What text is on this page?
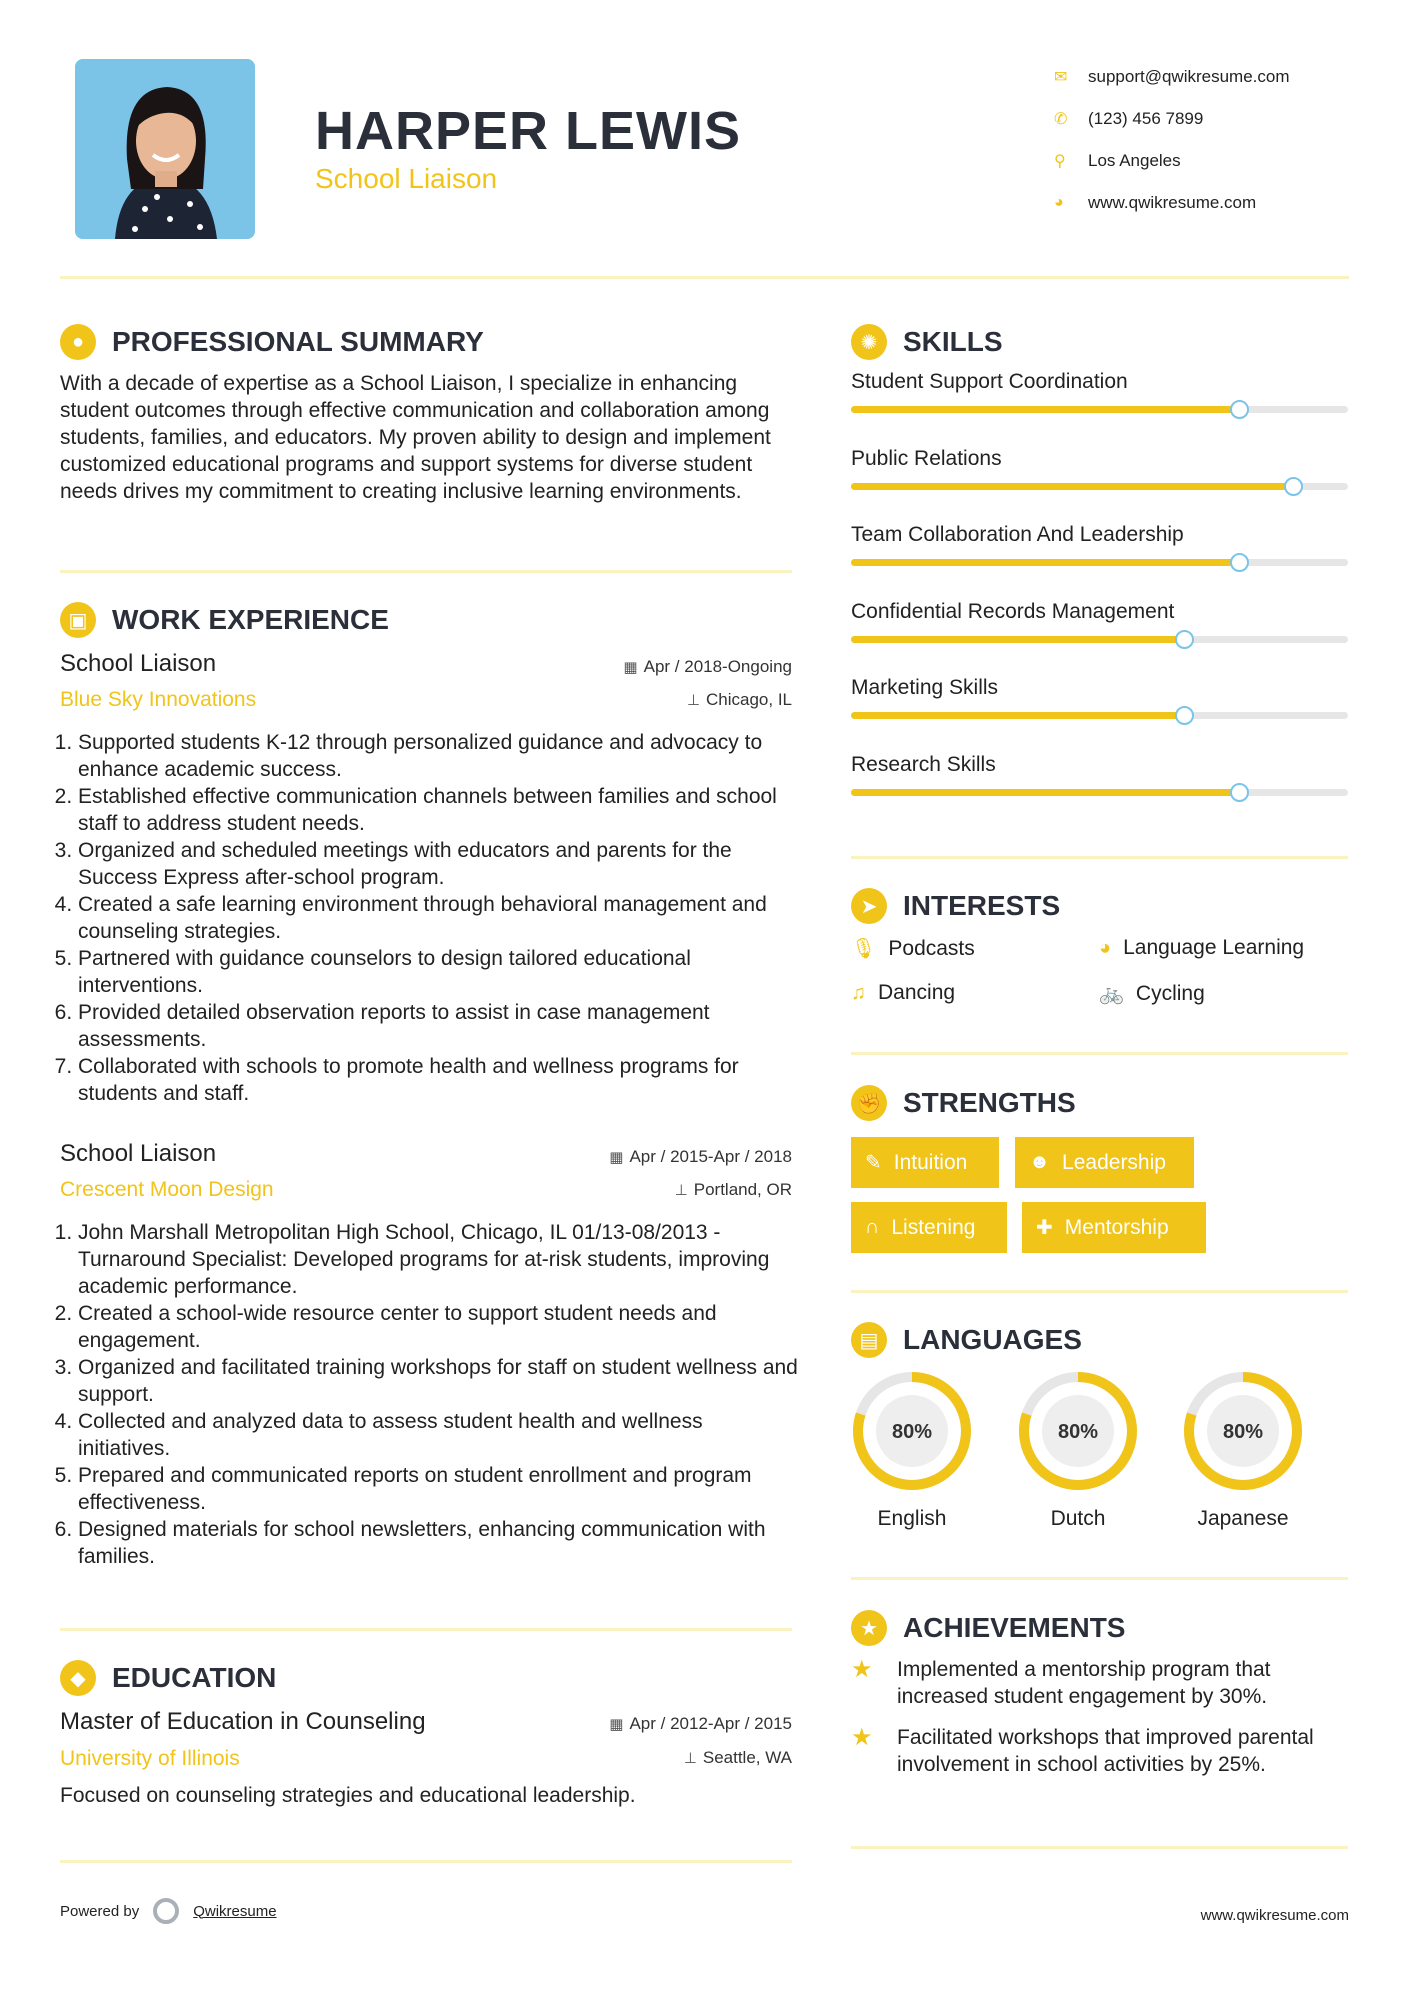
HARPER LEWIS
School Liaison
✉	support@qwikresume.com
✆	(123) 456 7899
⚲	Los Angeles
◕	www.qwikresume.com
● PROFESSIONAL SUMMARY
With a decade of expertise as a School Liaison, I specialize in enhancing student outcomes through effective communication and collaboration among students, families, and educators. My proven ability to design and implement customized educational programs and support systems for diverse student needs drives my commitment to creating inclusive learning environments.
▣ WORK EXPERIENCE
School Liaison	▦ Apr / 2018-Ongoing
Blue Sky Innovations	⊥ Chicago, IL
1. Supported students K-12 through personalized guidance and advocacy to enhance academic success.
2. Established effective communication channels between families and school staff to address student needs.
3. Organized and scheduled meetings with educators and parents for the Success Express after-school program.
4. Created a safe learning environment through behavioral management and counseling strategies.
5. Partnered with guidance counselors to design tailored educational interventions.
6. Provided detailed observation reports to assist in case management assessments.
7. Collaborated with schools to promote health and wellness programs for students and staff.
School Liaison	▦ Apr / 2015-Apr / 2018
Crescent Moon Design	⊥ Portland, OR
1. John Marshall Metropolitan High School, Chicago, IL 01/13-08/2013 - Turnaround Specialist: Developed programs for at-risk students, improving academic performance.
2. Created a school-wide resource center to support student needs and engagement.
3. Organized and facilitated training workshops for staff on student wellness and support.
4. Collected and analyzed data to assess student health and wellness initiatives.
5. Prepared and communicated reports on student enrollment and program effectiveness.
6. Designed materials for school newsletters, enhancing communication with families.
◆ EDUCATION
Master of Education in Counseling	▦ Apr / 2012-Apr / 2015
University of Illinois	⊥ Seattle, WA
Focused on counseling strategies and educational leadership.
✺ SKILLS
Student Support Coordination
Public Relations
Team Collaboration And Leadership
Confidential Records Management
Marketing Skills
Research Skills
➤ INTERESTS
🎙 Podcasts	◕ Language Learning
♫ Dancing	🚲 Cycling
✊ STRENGTHS
✎ Intuition	☻ Leadership
∩ Listening	✚ Mentorship
▤ LANGUAGES
80%
English
80%
Dutch
80%
Japanese
★ ACHIEVEMENTS
★	Implemented a mentorship program that increased student engagement by 30%.
★	Facilitated workshops that improved parental involvement in school activities by 25%.
Powered by	Qwikresume	www.qwikresume.com
